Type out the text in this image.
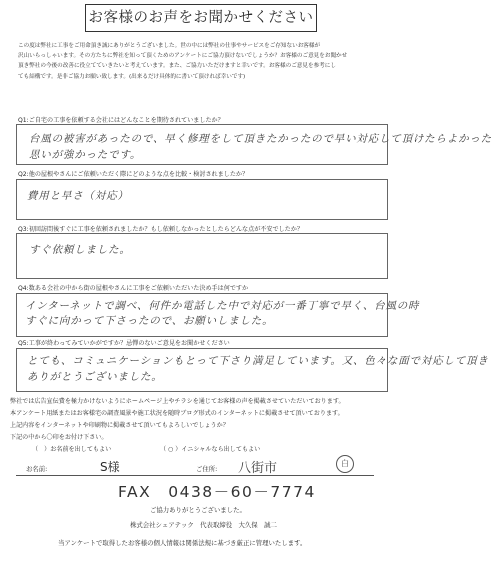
お客様のお声をお聞かせください
この度は弊社に工事をご用命頂き誠にありがとうございました。世の中には弊社の仕事やサービスをご存知ないお客様が
沢山いらっしゃいます。その方たちに弊社を知って頂くためのアンケートにご協力頂けないでしょうか？お客様のご意見をお聞かせ
頂き弊社の今後の改善に役立てていきたいと考えています。また、ご協力いただけますと幸いです。お客様のご意見を参考にし
ても結構です。是非ご協力お願い致します。(出来るだけ具体的に書いて頂ければ幸いです)
Q1:ご自宅の工事を依頼する会社にはどんなことを期待されていましたか？
台風の被害があったので、早く修理をして頂きたかったので早い対応して頂けたらよかった
思いが強かったです。
Q2:他の屋根やさんにご依頼いただく際にどのような点を比較・検討されましたか？
費用と早さ（対応）
Q3:初回訪問後すぐに工事を依頼されましたか？もし依頼しなかったとしたらどんな点が不安でしたか？
すぐ依頼しました。
Q4:数ある会社の中から街の屋根やさんに工事をご依頼いただいた決め手は何ですか
インターネットで調べ、何件か電話した中で対応が一番丁寧で早く、台風の時
すぐに向かって下さったので、お願いしました。
Q5:工事が終わってみていかがですか？忌憚のないご意見をお聞かせください
とても、コミュニケーションもとって下さり満足しています。又、色々な面で対応して頂き
ありがとうございました。
弊社では広告宣伝費を極力かけないようにホームページ上やチラシを通じてお客様の声を掲載させていただいております。
本アンケート用紙またはお客様宅の調査風景や施工状況を随時ブログ形式のインターネットに掲載させて頂いております。
上記内容をインターネットや印刷物に掲載させて頂いてもよろしいでしょうか？
下記の中から〇印をお付け下さい。
（　）お名前を出してもよい	（ ○ ）イニシャルなら出してもよい
お名前:	S様	ご住所: 八街市	白
FAX　0438－60－7774
ご協力ありがとうございました。
株式会社シェアテック　代表取締役　大久保　誠二
当アンケートで取得したお客様の個人情報は関係法規に基づき厳正に管理いたします。
